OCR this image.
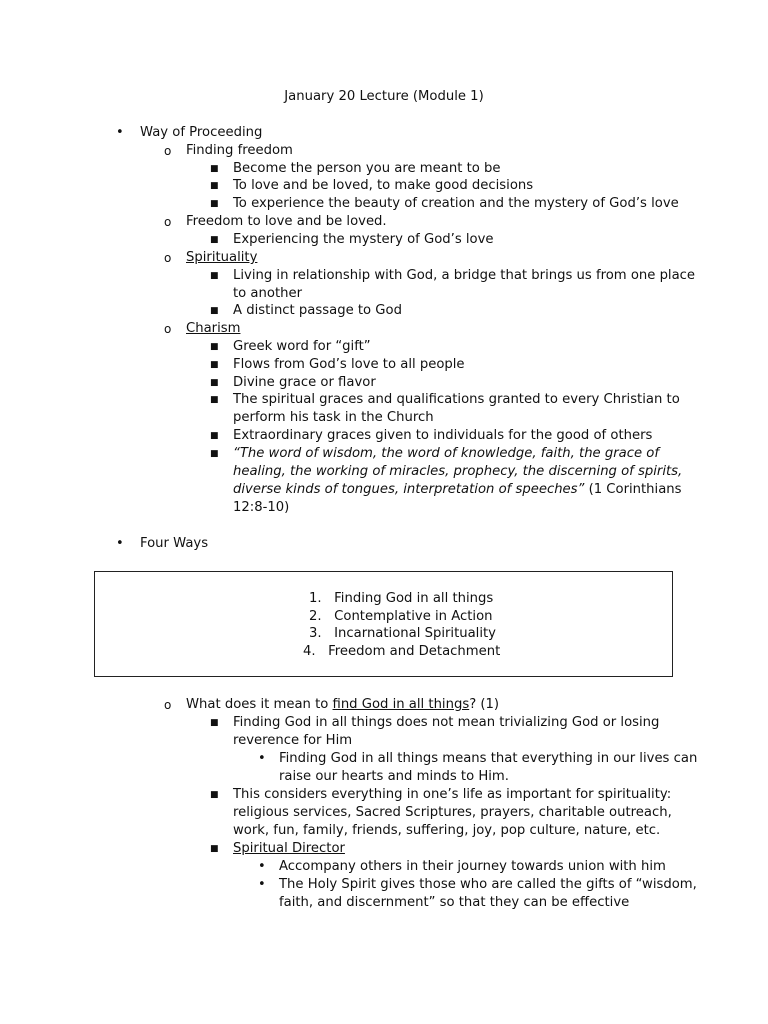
January 20 Lecture (Module 1)
• Way of Proceeding
o Finding freedom
■ Become the person you are meant to be
■ To love and be loved, to make good decisions
■ To experience the beauty of creation and the mystery of God’s love
o Freedom to love and be loved.
■ Experiencing the mystery of God’s love
o Spirituality
■ Living in relationship with God, a bridge that brings us from one place
to another
■ A distinct passage to God
o Charism
■ Greek word for “gift”
■ Flows from God’s love to all people
■ Divine grace or flavor
■ The spiritual graces and qualifications granted to every Christian to
perform his task in the Church
■ Extraordinary graces given to individuals for the good of others
■ “The word of wisdom, the word of knowledge, faith, the grace of
healing, the working of miracles, prophecy, the discerning of spirits,
diverse kinds of tongues, interpretation of speeches” (1 Corinthians
12:8-10)
• Four Ways
1. Finding God in all things
2. Contemplative in Action
3. Incarnational Spirituality
4. Freedom and Detachment
o What does it mean to find God in all things? (1)
■ Finding God in all things does not mean trivializing God or losing
reverence for Him
• Finding God in all things means that everything in our lives can
raise our hearts and minds to Him.
■ This considers everything in one’s life as important for spirituality:
religious services, Sacred Scriptures, prayers, charitable outreach,
work, fun, family, friends, suffering, joy, pop culture, nature, etc.
■ Spiritual Director
• Accompany others in their journey towards union with him
• The Holy Spirit gives those who are called the gifts of “wisdom,
faith, and discernment” so that they can be effective
